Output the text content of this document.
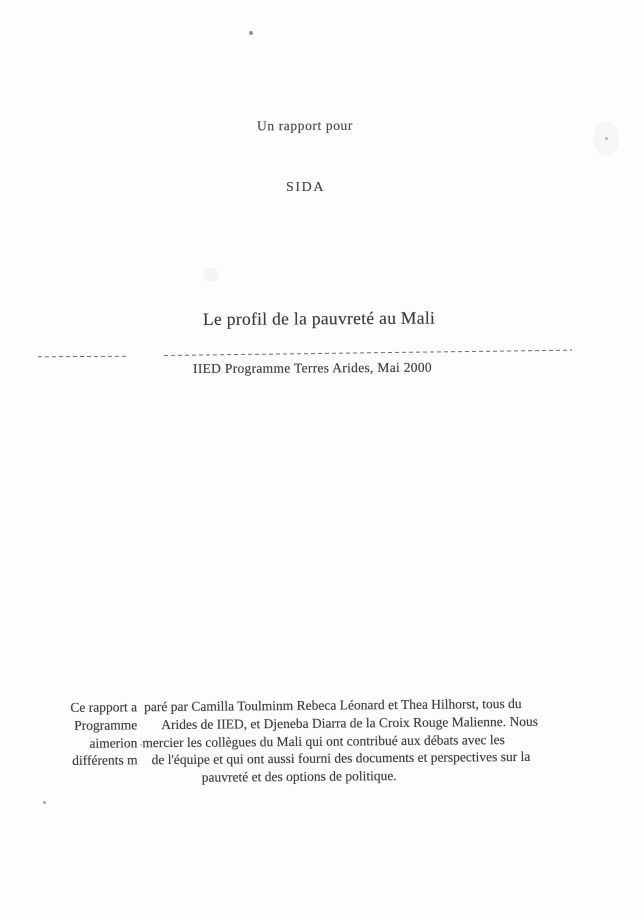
Un rapport pour
SIDA
Le profil de la pauvreté au Mali
IIED Programme Terres Arides, Mai 2000
Ce rapport a paré par Camilla Toulminm Rebeca Léonard et Thea Hilhorst, tous du
Programme Arides de IIED, et Djeneba Diarra de la Croix Rouge Malienne. Nous
aimerion mercier les collègues du Mali qui ont contribué aux débats avec les
différents m de l'équipe et qui ont aussi fourni des documents et perspectives sur la
pauvreté et des options de politique.
